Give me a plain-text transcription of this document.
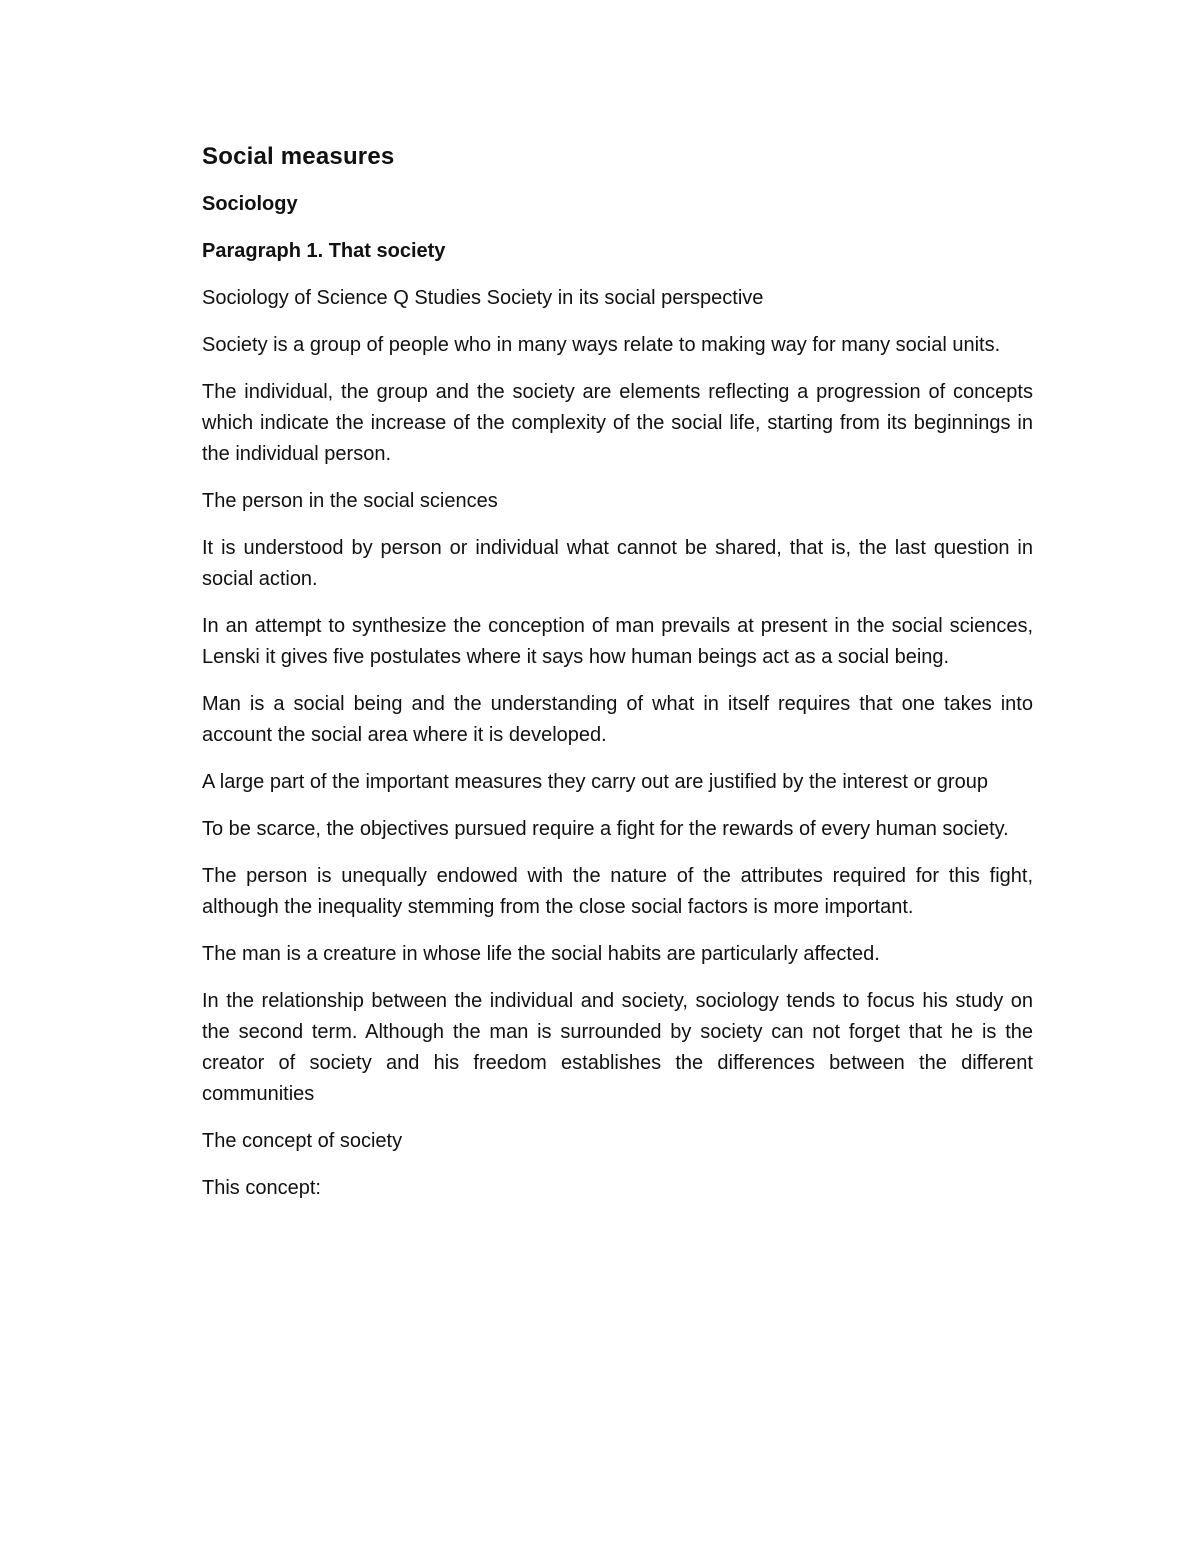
Social measures
Sociology
Paragraph 1. That society
Sociology of Science Q Studies Society in its social perspective
Society is a group of people who in many ways relate to making way for many social units.
The individual, the group and the society are elements reflecting a progression of concepts which indicate the increase of the complexity of the social life, starting from its beginnings in the individual person.
The person in the social sciences
It is understood by person or individual what cannot be shared, that is, the last question in social action.
In an attempt to synthesize the conception of man prevails at present in the social sciences, Lenski it gives five postulates where it says how human beings act as a social being.
Man is a social being and the understanding of what in itself requires that one takes into account the social area where it is developed.
A large part of the important measures they carry out are justified by the interest or group
To be scarce, the objectives pursued require a fight for the rewards of every human society.
The person is unequally endowed with the nature of the attributes required for this fight, although the inequality stemming from the close social factors is more important.
The man is a creature in whose life the social habits are particularly affected.
In the relationship between the individual and society, sociology tends to focus his study on the second term. Although the man is surrounded by society can not forget that he is the creator of society and his freedom establishes the differences between the different communities
The concept of society
This concept:
